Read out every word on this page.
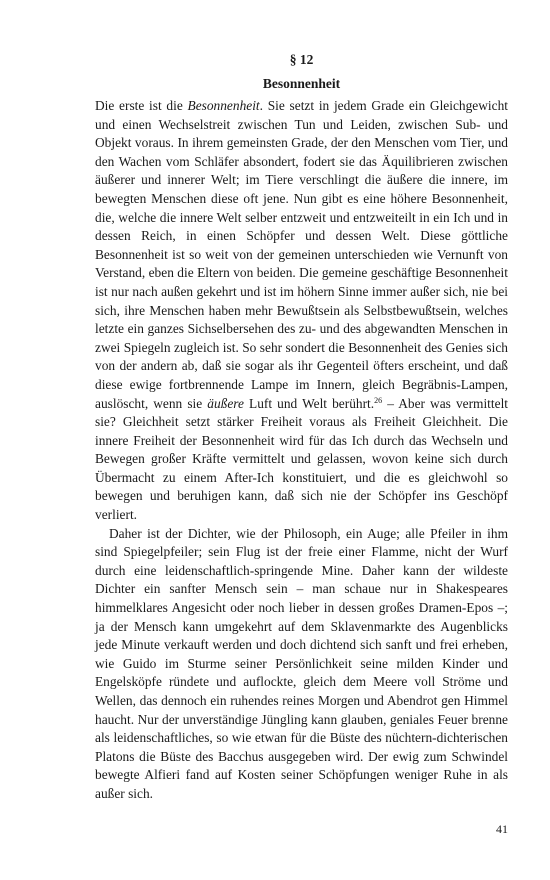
§ 12
Besonnenheit

Die erste ist die Besonnenheit. Sie setzt in jedem Grade ein Gleichgewicht und einen Wechselstreit zwischen Tun und Leiden, zwischen Sub- und Objekt voraus. In ihrem gemeinsten Grade, der den Menschen vom Tier, und den Wachen vom Schläfer absondert, fodert sie das Äquilibrieren zwischen äußerer und innerer Welt; im Tiere verschlingt die äußere die innere, im bewegten Menschen diese oft jene. Nun gibt es eine höhere Besonnenheit, die, welche die innere Welt selber entzweit und entzweiteilt in ein Ich und in dessen Reich, in einen Schöpfer und dessen Welt. Diese göttliche Besonnenheit ist so weit von der gemeinen unterschieden wie Vernunft von Verstand, eben die Eltern von beiden. Die gemeine geschäftige Besonnenheit ist nur nach außen gekehrt und ist im höhern Sinne immer außer sich, nie bei sich, ihre Menschen haben mehr Bewußtsein als Selbstbewußtsein, welches letzte ein ganzes Sichselbersehen des zu- und des abgewandten Menschen in zwei Spiegeln zugleich ist. So sehr sondert die Besonnenheit des Genies sich von der andern ab, daß sie sogar als ihr Gegenteil öfters erscheint, und daß diese ewige fortbrennende Lampe im Innern, gleich Begräbnis-Lampen, auslöscht, wenn sie äußere Luft und Welt berührt.$^{26}$ – Aber was vermittelt sie? Gleichheit setzt stärker Freiheit voraus als Freiheit Gleichheit. Die innere Freiheit der Besonnenheit wird für das Ich durch das Wechseln und Bewegen großer Kräfte vermittelt und gelassen, wovon keine sich durch Übermacht zu einem After-Ich konstituiert, und die es gleichwohl so bewegen und beruhigen kann, daß sich nie der Schöpfer ins Geschöpf verliert.

Daher ist der Dichter, wie der Philosoph, ein Auge; alle Pfeiler in ihm sind Spiegelpfeiler; sein Flug ist der freie einer Flamme, nicht der Wurf durch eine leidenschaftlich-springende Mine. Daher kann der wildeste Dichter ein sanfter Mensch sein – man schaue nur in Shakespeares himmelklares Angesicht oder noch lieber in dessen großes Dramen-Epos –; ja der Mensch kann umgekehrt auf dem Sklavenmarkte des Augenblicks jede Minute verkauft werden und doch dichtend sich sanft und frei erheben, wie Guido im Sturme seiner Persönlichkeit seine milden Kinder und Engelsköpfe ründete und auflockte, gleich dem Meere voll Ströme und Wellen, das dennoch ein ruhendes reines Morgen und Abendrot gen Himmel haucht. Nur der unverständige Jüngling kann glauben, geniales Feuer brenne als leidenschaftliches, so wie etwan für die Büste des nüchtern-dichterischen Platons die Büste des Bacchus ausgegeben wird. Der ewig zum Schwindel bewegte Alfieri fand auf Kosten seiner Schöpfungen weniger Ruhe in als außer sich.

41
